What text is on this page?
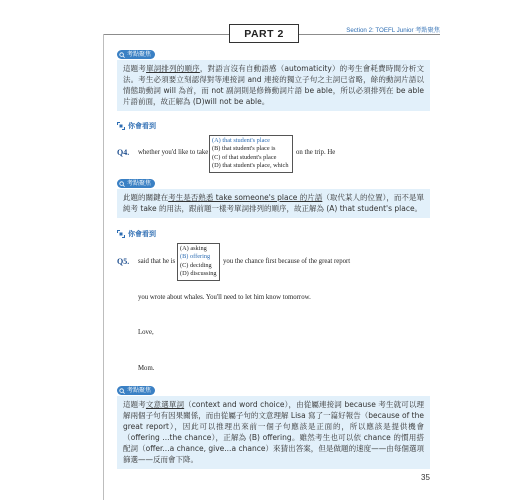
PART 2	Section 2: TOEFL Junior 考點聚焦
考點聚焦
這題考單詞排列的順序，對語言沒有自動語感（automaticity）的考生會耗費時間分析文法。考生必須要立刻認得對等連接詞 and 連接的獨立子句之主詞已省略，餘的動詞片語以情態助動詞 will 為首，而 not 副詞則是修飾動詞片語 be able，所以必須排列在 be able 片語前面，故正解為 (D)will not be able。
你會看到
Q4. whether you'd like to take
(A) that student's place
(B) that student's place is
(C) of that student's place
(D) that student's place, which
on the trip. He
考點聚焦
此題的關鍵在考生是否熟悉 take someone's place 的片語（取代某人的位置），而不是單純考 take 的用法，跟前題一樣考單詞排列的順序，故正解為 (A) that student's place。
你會看到
Q5. said that he is
(A) asking
(B) offering
(C) deciding
(D) discussing
you the chance first because of the great report
you wrote about whales. You'll need to let him know tomorrow.
Love,
Mom.
考點聚焦
這題考文意選單詞（context and word choice），由從屬連接詞 because 考生就可以理解兩個子句有因果關係，而由從屬子句的文意理解 Lisa 寫了一篇好報告（because of the great report），因此可以推理出來前一個子句應該是正面的，所以應該是提供機會（offering ...the chance），正解為 (B) offering。雖然考生也可以依 chance 的慣用搭配詞（offer...a chance, give...a chance）來猜出答案，但是做題的速度——由每個選項篩選——反而會下降。
35
